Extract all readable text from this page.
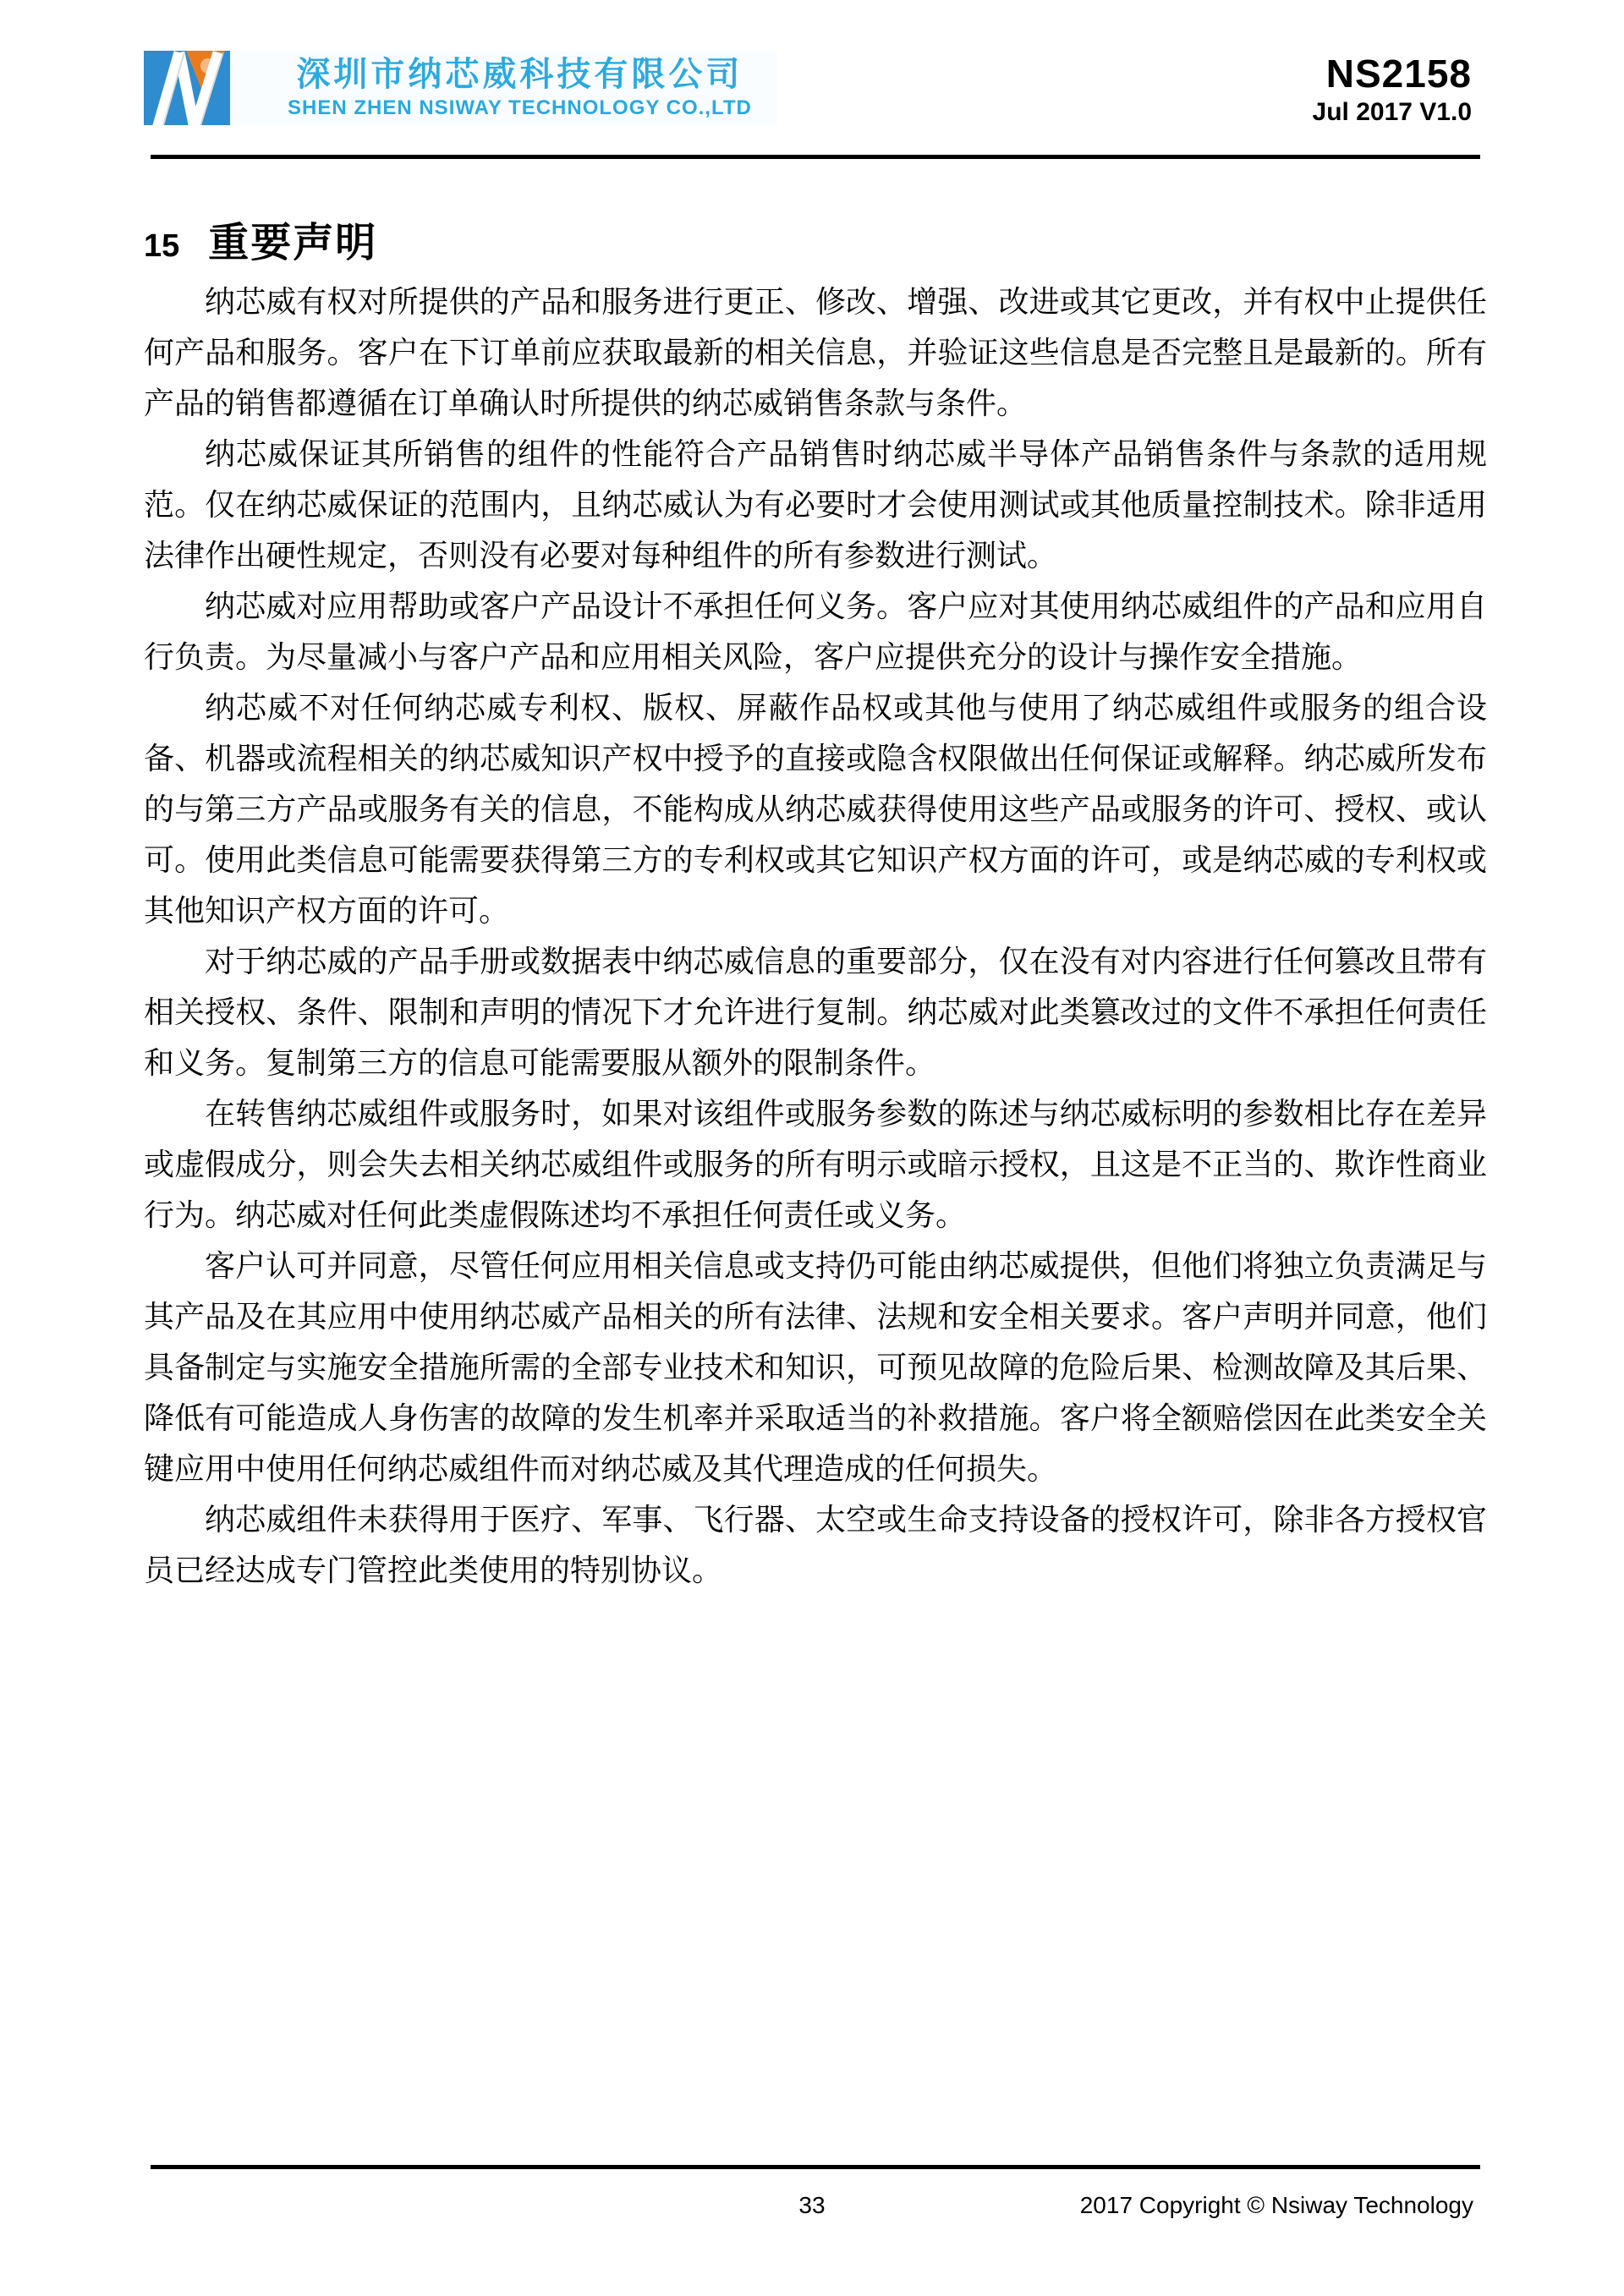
深圳市纳芯威科技有限公司
SHEN ZHEN NSIWAY TECHNOLOGY CO.,LTD
NS2158
Jul 2017 V1.0
15 重要声明

纳芯威有权对所提供的产品和服务进行更正、修改、增强、改进或其它更改，并有权中止提供任何产品和服务。客户在下订单前应获取最新的相关信息，并验证这些信息是否完整且是最新的。所有产品的销售都遵循在订单确认时所提供的纳芯威销售条款与条件。

纳芯威保证其所销售的组件的性能符合产品销售时纳芯威半导体产品销售条件与条款的适用规范。仅在纳芯威保证的范围内，且纳芯威认为有必要时才会使用测试或其他质量控制技术。除非适用法律作出硬性规定，否则没有必要对每种组件的所有参数进行测试。

纳芯威对应用帮助或客户产品设计不承担任何义务。客户应对其使用纳芯威组件的产品和应用自行负责。为尽量减小与客户产品和应用相关风险，客户应提供充分的设计与操作安全措施。

纳芯威不对任何纳芯威专利权、版权、屏蔽作品权或其他与使用了纳芯威组件或服务的组合设备、机器或流程相关的纳芯威知识产权中授予的直接或隐含权限做出任何保证或解释。纳芯威所发布的与第三方产品或服务有关的信息，不能构成从纳芯威获得使用这些产品或服务的许可、授权、或认可。使用此类信息可能需要获得第三方的专利权或其它知识产权方面的许可，或是纳芯威的专利权或其他知识产权方面的许可。

对于纳芯威的产品手册或数据表中纳芯威信息的重要部分，仅在没有对内容进行任何篡改且带有相关授权、条件、限制和声明的情况下才允许进行复制。纳芯威对此类篡改过的文件不承担任何责任和义务。复制第三方的信息可能需要服从额外的限制条件。

在转售纳芯威组件或服务时，如果对该组件或服务参数的陈述与纳芯威标明的参数相比存在差异或虚假成分，则会失去相关纳芯威组件或服务的所有明示或暗示授权，且这是不正当的、欺诈性商业行为。纳芯威对任何此类虚假陈述均不承担任何责任或义务。

客户认可并同意，尽管任何应用相关信息或支持仍可能由纳芯威提供，但他们将独立负责满足与其产品及在其应用中使用纳芯威产品相关的所有法律、法规和安全相关要求。客户声明并同意，他们具备制定与实施安全措施所需的全部专业技术和知识，可预见故障的危险后果、检测故障及其后果、降低有可能造成人身伤害的故障的发生机率并采取适当的补救措施。客户将全额赔偿因在此类安全关键应用中使用任何纳芯威组件而对纳芯威及其代理造成的任何损失。

纳芯威组件未获得用于医疗、军事、飞行器、太空或生命支持设备的授权许可，除非各方授权官员已经达成专门管控此类使用的特别协议。

33	2017 Copyright © Nsiway Technology
